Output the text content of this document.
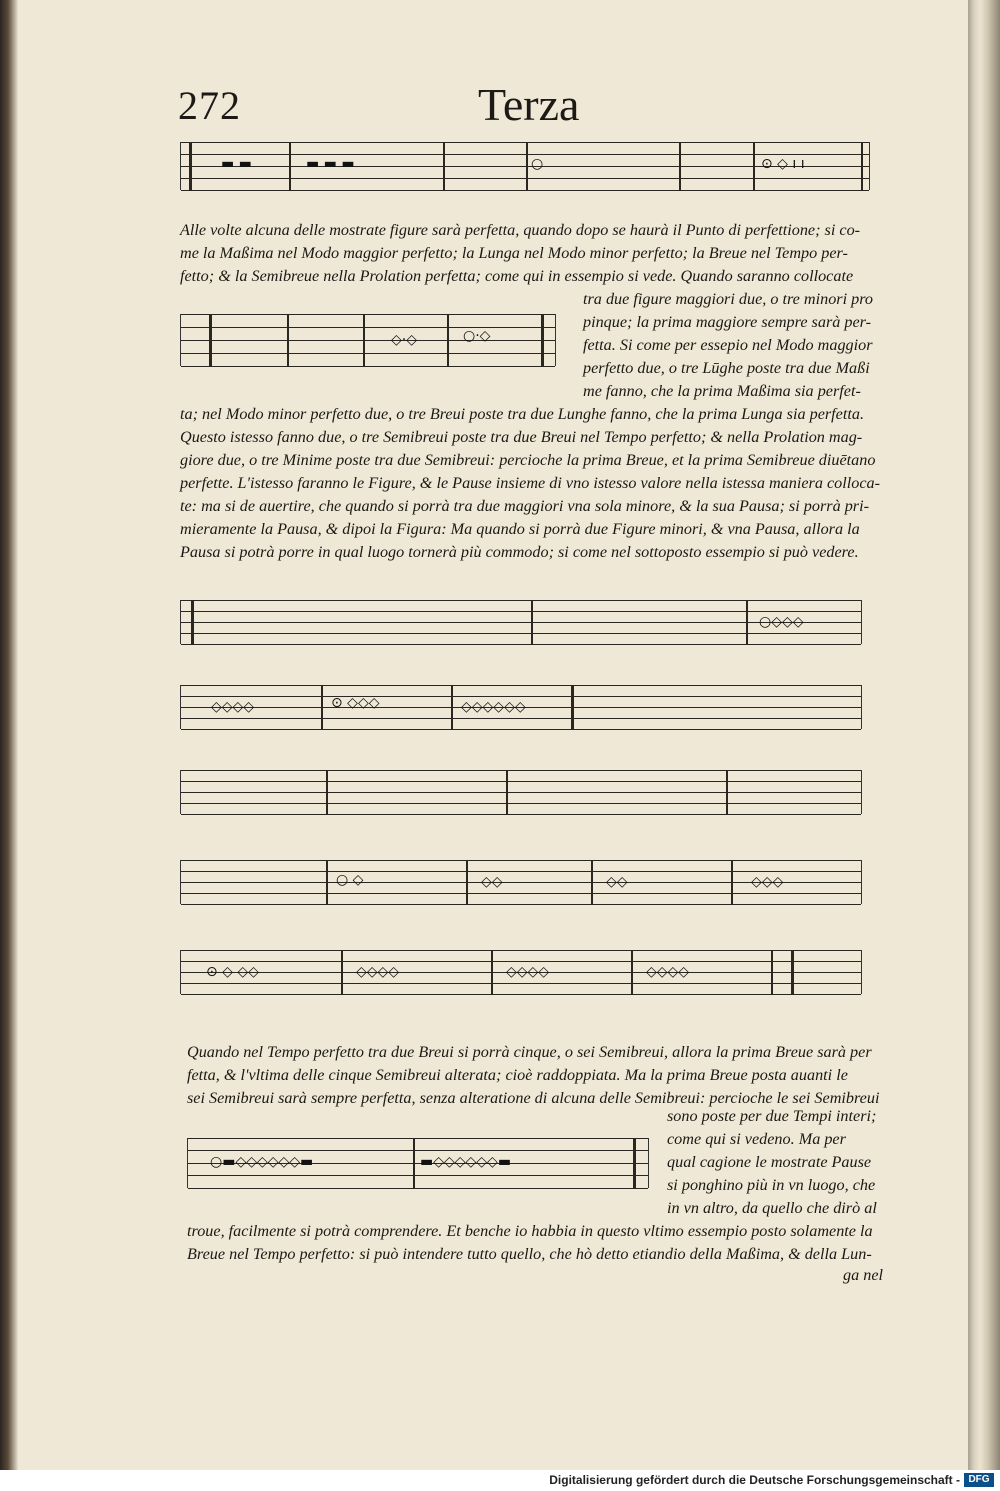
272	Terza
○	⊙ ◇ ı ı
▬ ▬	▬ ▬ ▬
Alle volte alcuna delle mostrate figure sarà perfetta, quando dopo se haurà il Punto di perfettione; si co-
me la Maßima nel Modo maggior perfetto; la Lunga nel Modo minor perfetto; la Breue nel Tempo per-
fetto; & la Semibreue nella Prolation perfetta; come qui in essempio si vede. Quando saranno collocate
tra due figure maggiori due, o tre minori pro
pinque; la prima maggiore sempre sarà per-
fetta. Si come per essepio nel Modo maggior
perfetto due, o tre Lūghe poste tra due Maßi
me fanno, che la prima Maßima sia perfet-
◇·◇	○·◇
ta; nel Modo minor perfetto due, o tre Breui poste tra due Lunghe fanno, che la prima Lunga sia perfetta.
Questo istesso fanno due, o tre Semibreui poste tra due Breui nel Tempo perfetto; & nella Prolation mag-
giore due, o tre Minime poste tra due Semibreui: percioche la prima Breue, et la prima Semibreue diuētano
perfette. L'istesso faranno le Figure, & le Pause insieme di vno istesso valore nella istessa maniera colloca-
te: ma si de auertire, che quando si porrà tra due maggiori vna sola minore, & la sua Pausa; si porrà pri-
mieramente la Pausa, & dipoi la Figura: Ma quando si porrà due Figure minori, & vna Pausa, allora la
Pausa si potrà porre in qual luogo tornerà più commodo; si come nel sottoposto essempio si può vedere.
○◇◇◇
◇◇◇◇	⊙ ◇◇◇	◇◇◇◇◇◇
○ ◇	◇◇	◇◇	◇◇◇
⊙ ◇ ◇◇	◇◇◇◇	◇◇◇◇	◇◇◇◇
Quando nel Tempo perfetto tra due Breui si porrà cinque, o sei Semibreui, allora la prima Breue sarà per
fetta, & l'vltima delle cinque Semibreui alterata; cioè raddoppiata. Ma la prima Breue posta auanti le
sei Semibreui sarà sempre perfetta, senza alteratione di alcuna delle Semibreui: percioche le sei Semibreui
sono poste per due Tempi interi;
come qui si vedeno. Ma per
qual cagione le mostrate Pause
si ponghino più in vn luogo, che
in vn altro, da quello che dirò al
○▬◇◇◇◇◇◇▬	▬◇◇◇◇◇◇▬
troue, facilmente si potrà comprendere. Et benche io habbia in questo vltimo essempio posto solamente la
Breue nel Tempo perfetto: si può intendere tutto quello, che hò detto etiandio della Maßima, & della Lun-
ga nel
Digitalisierung gefördert durch die Deutsche Forschungsgemeinschaft - DFG
